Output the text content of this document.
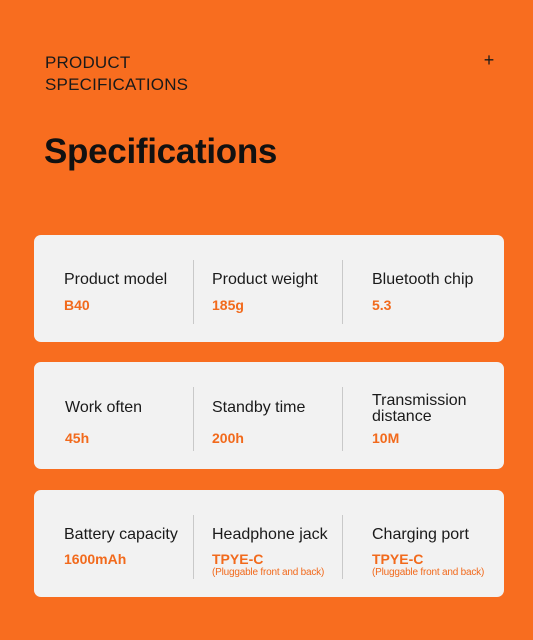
PRODUCT
SPECIFICATIONS
+
Specifications
Product model
B40
Product weight
185g
Bluetooth chip
5.3
Work often
45h
Standby time
200h
Transmission
distance
10M
Battery capacity
1600mAh
Headphone jack
TPYE-C
(Pluggable front and back)
Charging port
TPYE-C
(Pluggable front and back)
